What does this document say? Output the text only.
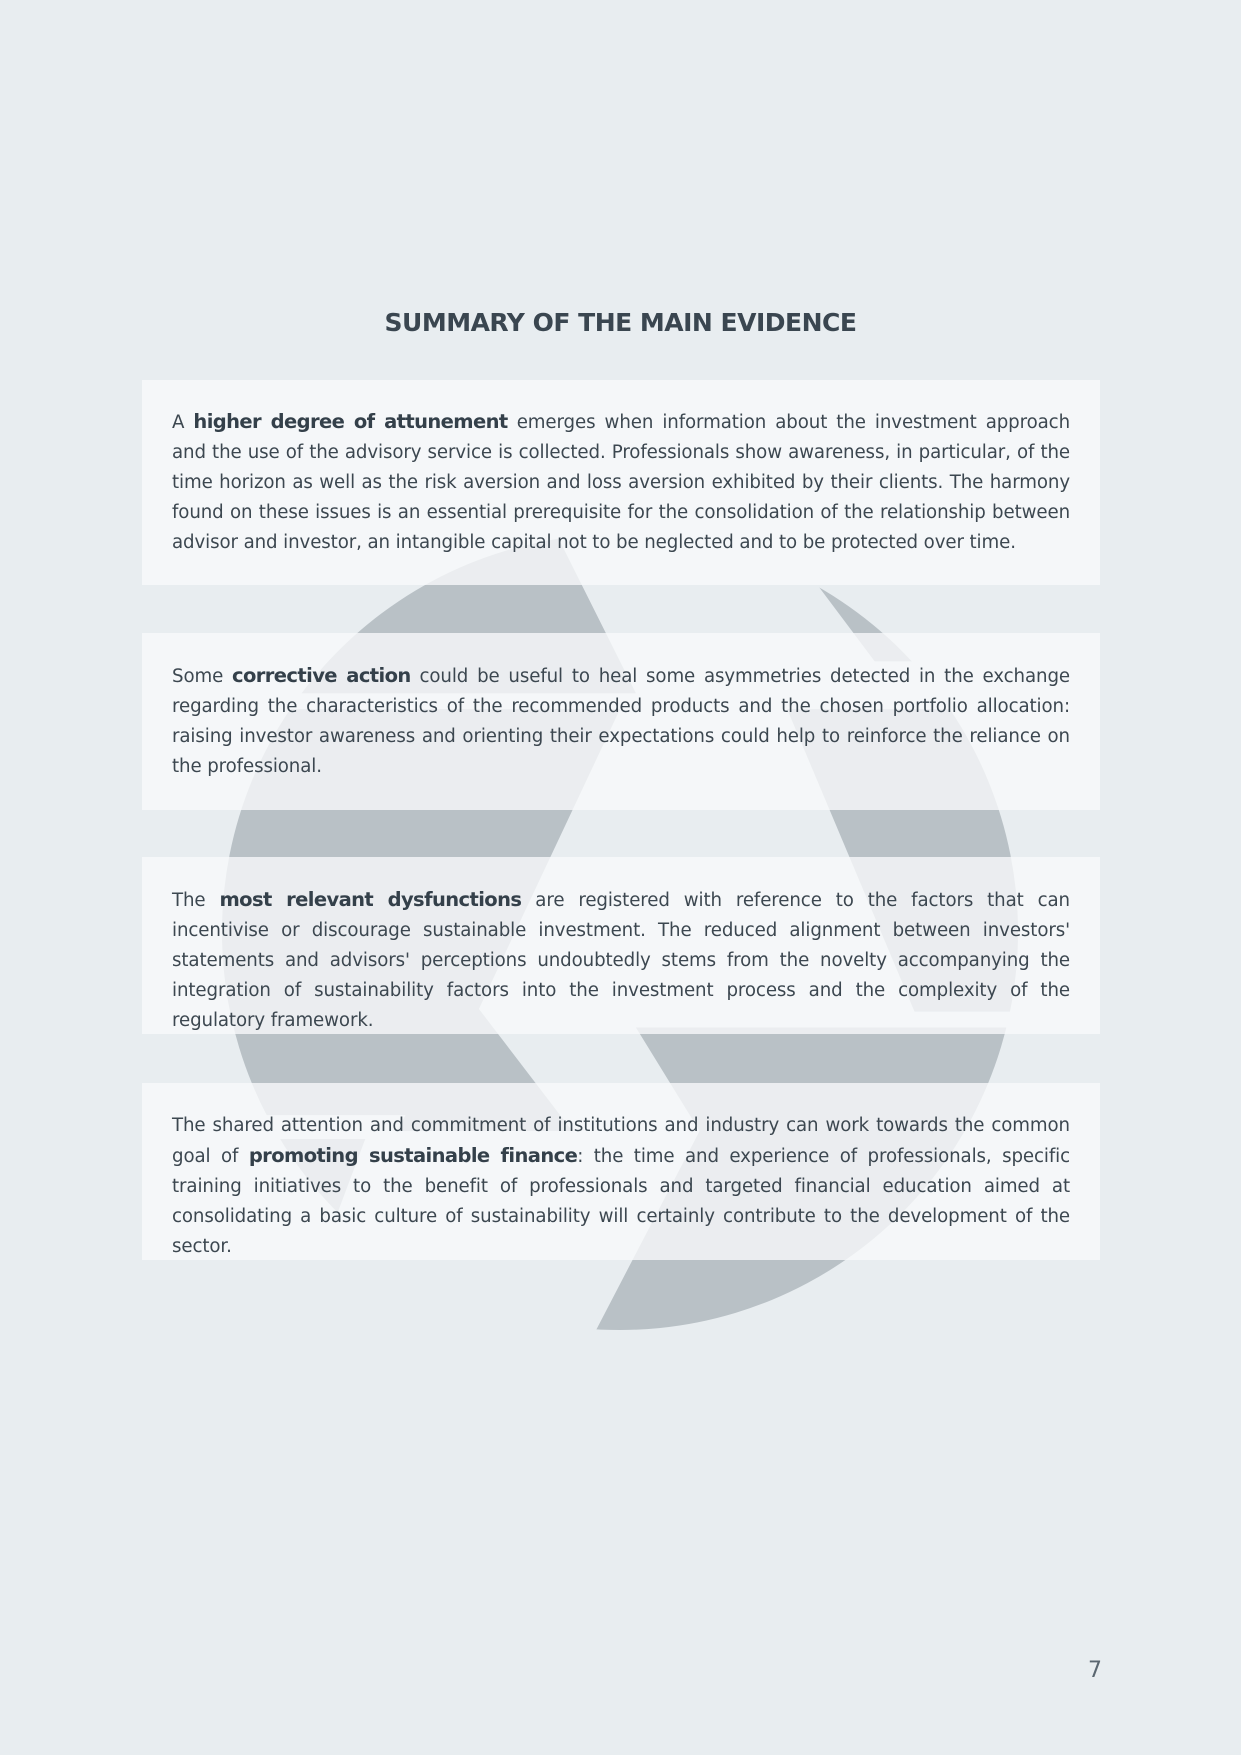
SUMMARY OF THE MAIN EVIDENCE

A higher degree of attunement emerges when information about the investment approach and the use of the advisory service is collected. Professionals show awareness, in particular, of the time horizon as well as the risk aversion and loss aversion exhibited by their clients. The harmony found on these issues is an essential prerequisite for the consolidation of the relationship between advisor and investor, an intangible capital not to be neglected and to be protected over time.

Some corrective action could be useful to heal some asymmetries detected in the exchange regarding the characteristics of the recommended products and the chosen portfolio allocation: raising investor awareness and orienting their expectations could help to reinforce the reliance on the professional.

The most relevant dysfunctions are registered with reference to the factors that can incentivise or discourage sustainable investment. The reduced alignment between investors' statements and advisors' perceptions undoubtedly stems from the novelty accompanying the integration of sustainability factors into the investment process and the complexity of the regulatory framework.

The shared attention and commitment of institutions and industry can work towards the common goal of promoting sustainable finance: the time and experience of professionals, specific training initiatives to the benefit of professionals and targeted financial education aimed at consolidating a basic culture of sustainability will certainly contribute to the development of the sector.

7
